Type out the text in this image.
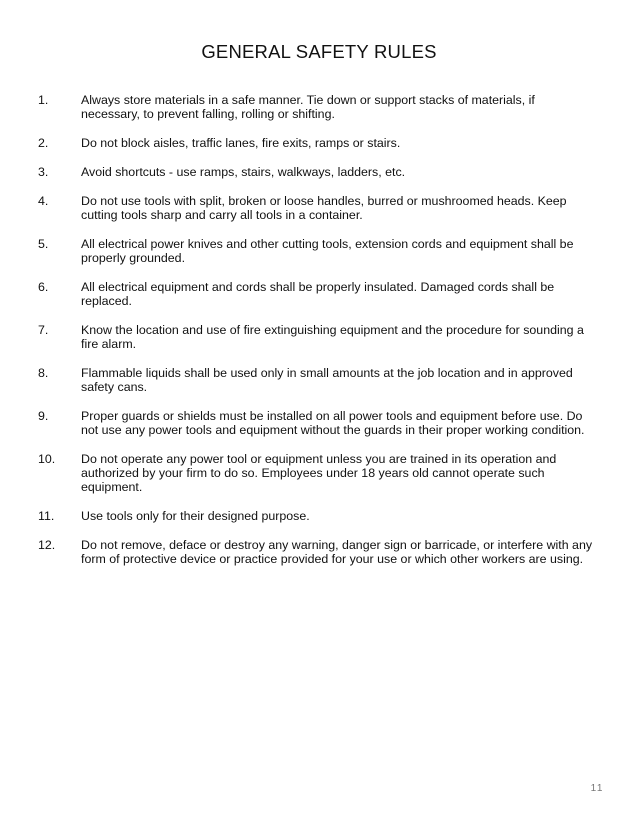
GENERAL SAFETY RULES
1.	Always store materials in a safe manner. Tie down or support stacks of materials, if
necessary, to prevent falling, rolling or shifting.
2.	Do not block aisles, traffic lanes, fire exits, ramps or stairs.
3.	Avoid shortcuts - use ramps, stairs, walkways, ladders, etc.
4.	Do not use tools with split, broken or loose handles, burred or mushroomed heads. Keep
cutting tools sharp and carry all tools in a container.
5.	All electrical power knives and other cutting tools, extension cords and equipment shall be
properly grounded.
6.	All electrical equipment and cords shall be properly insulated. Damaged cords shall be
replaced.
7.	Know the location and use of fire extinguishing equipment and the procedure for sounding a
fire alarm.
8.	Flammable liquids shall be used only in small amounts at the job location and in approved
safety cans.
9.	Proper guards or shields must be installed on all power tools and equipment before use. Do
not use any power tools and equipment without the guards in their proper working condition.
10.	Do not operate any power tool or equipment unless you are trained in its operation and
authorized by your firm to do so. Employees under 18 years old cannot operate such
equipment.
11.	Use tools only for their designed purpose.
12.	Do not remove, deface or destroy any warning, danger sign or barricade, or interfere with any
form of protective device or practice provided for your use or which other workers are using.
11
